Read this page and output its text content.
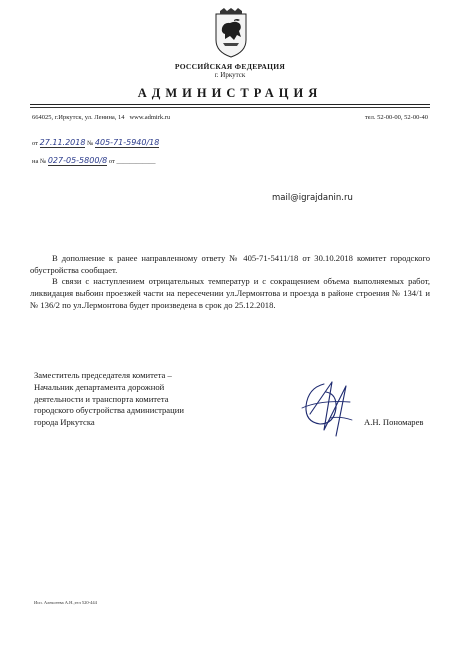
РОССИЙСКАЯ ФЕДЕРАЦИЯ
г. Иркутск
АДМИНИСТРАЦИЯ
664025, г.Иркутск, ул. Ленина, 14 www.admirk.ru	тел. 52-00-00, 52-00-40
от 27.11.2018 № 405-71-5940/18
на № 027-05-5800/8 от ____________
mail@igrajdanin.ru

В дополнение к ранее направленному ответу № 405-71-5411/18 от 30.10.2018 комитет городского обустройства сообщает.

В связи с наступлением отрицательных температур и с сокращением объема выполняемых работ, ликвидация выбоин проезжей части на пересечении ул.Лермонтова и проезда в районе строения № 134/1 и № 136/2 по ул.Лермонтова будет произведена в срок до 25.12.2018.

Заместитель председателя комитета –
Начальник департамента дорожной
деятельности и транспорта комитета
городского обустройства администрации
города Иркутска	А.Н. Пономарев
Исп. Алексеева А.Н.,тел 520-444
